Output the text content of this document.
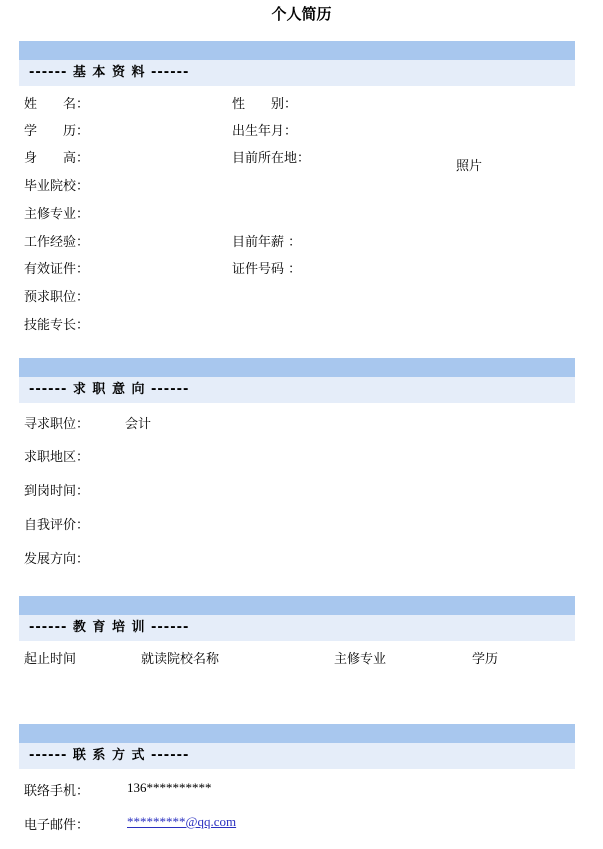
个人简历
------ 基 本 资 料 ------
姓　　名：	性　　别：
学　　历：	出生年月：
身　　高：	目前所在地：
照片
毕业院校：
主修专业：
工作经验：	目前年薪 ：
有效证件：	证件号码 ：
预求职位：
技能专长：
------ 求 职 意 向 ------
寻求职位：	会计
求职地区：
到岗时间：
自我评价：
发展方向：
------ 教 育 培 训 ------
起止时间	就读院校名称	主修专业	学历
------ 联 系 方 式 ------
联络手机：	136**********
电子邮件：	*********@qq.com
